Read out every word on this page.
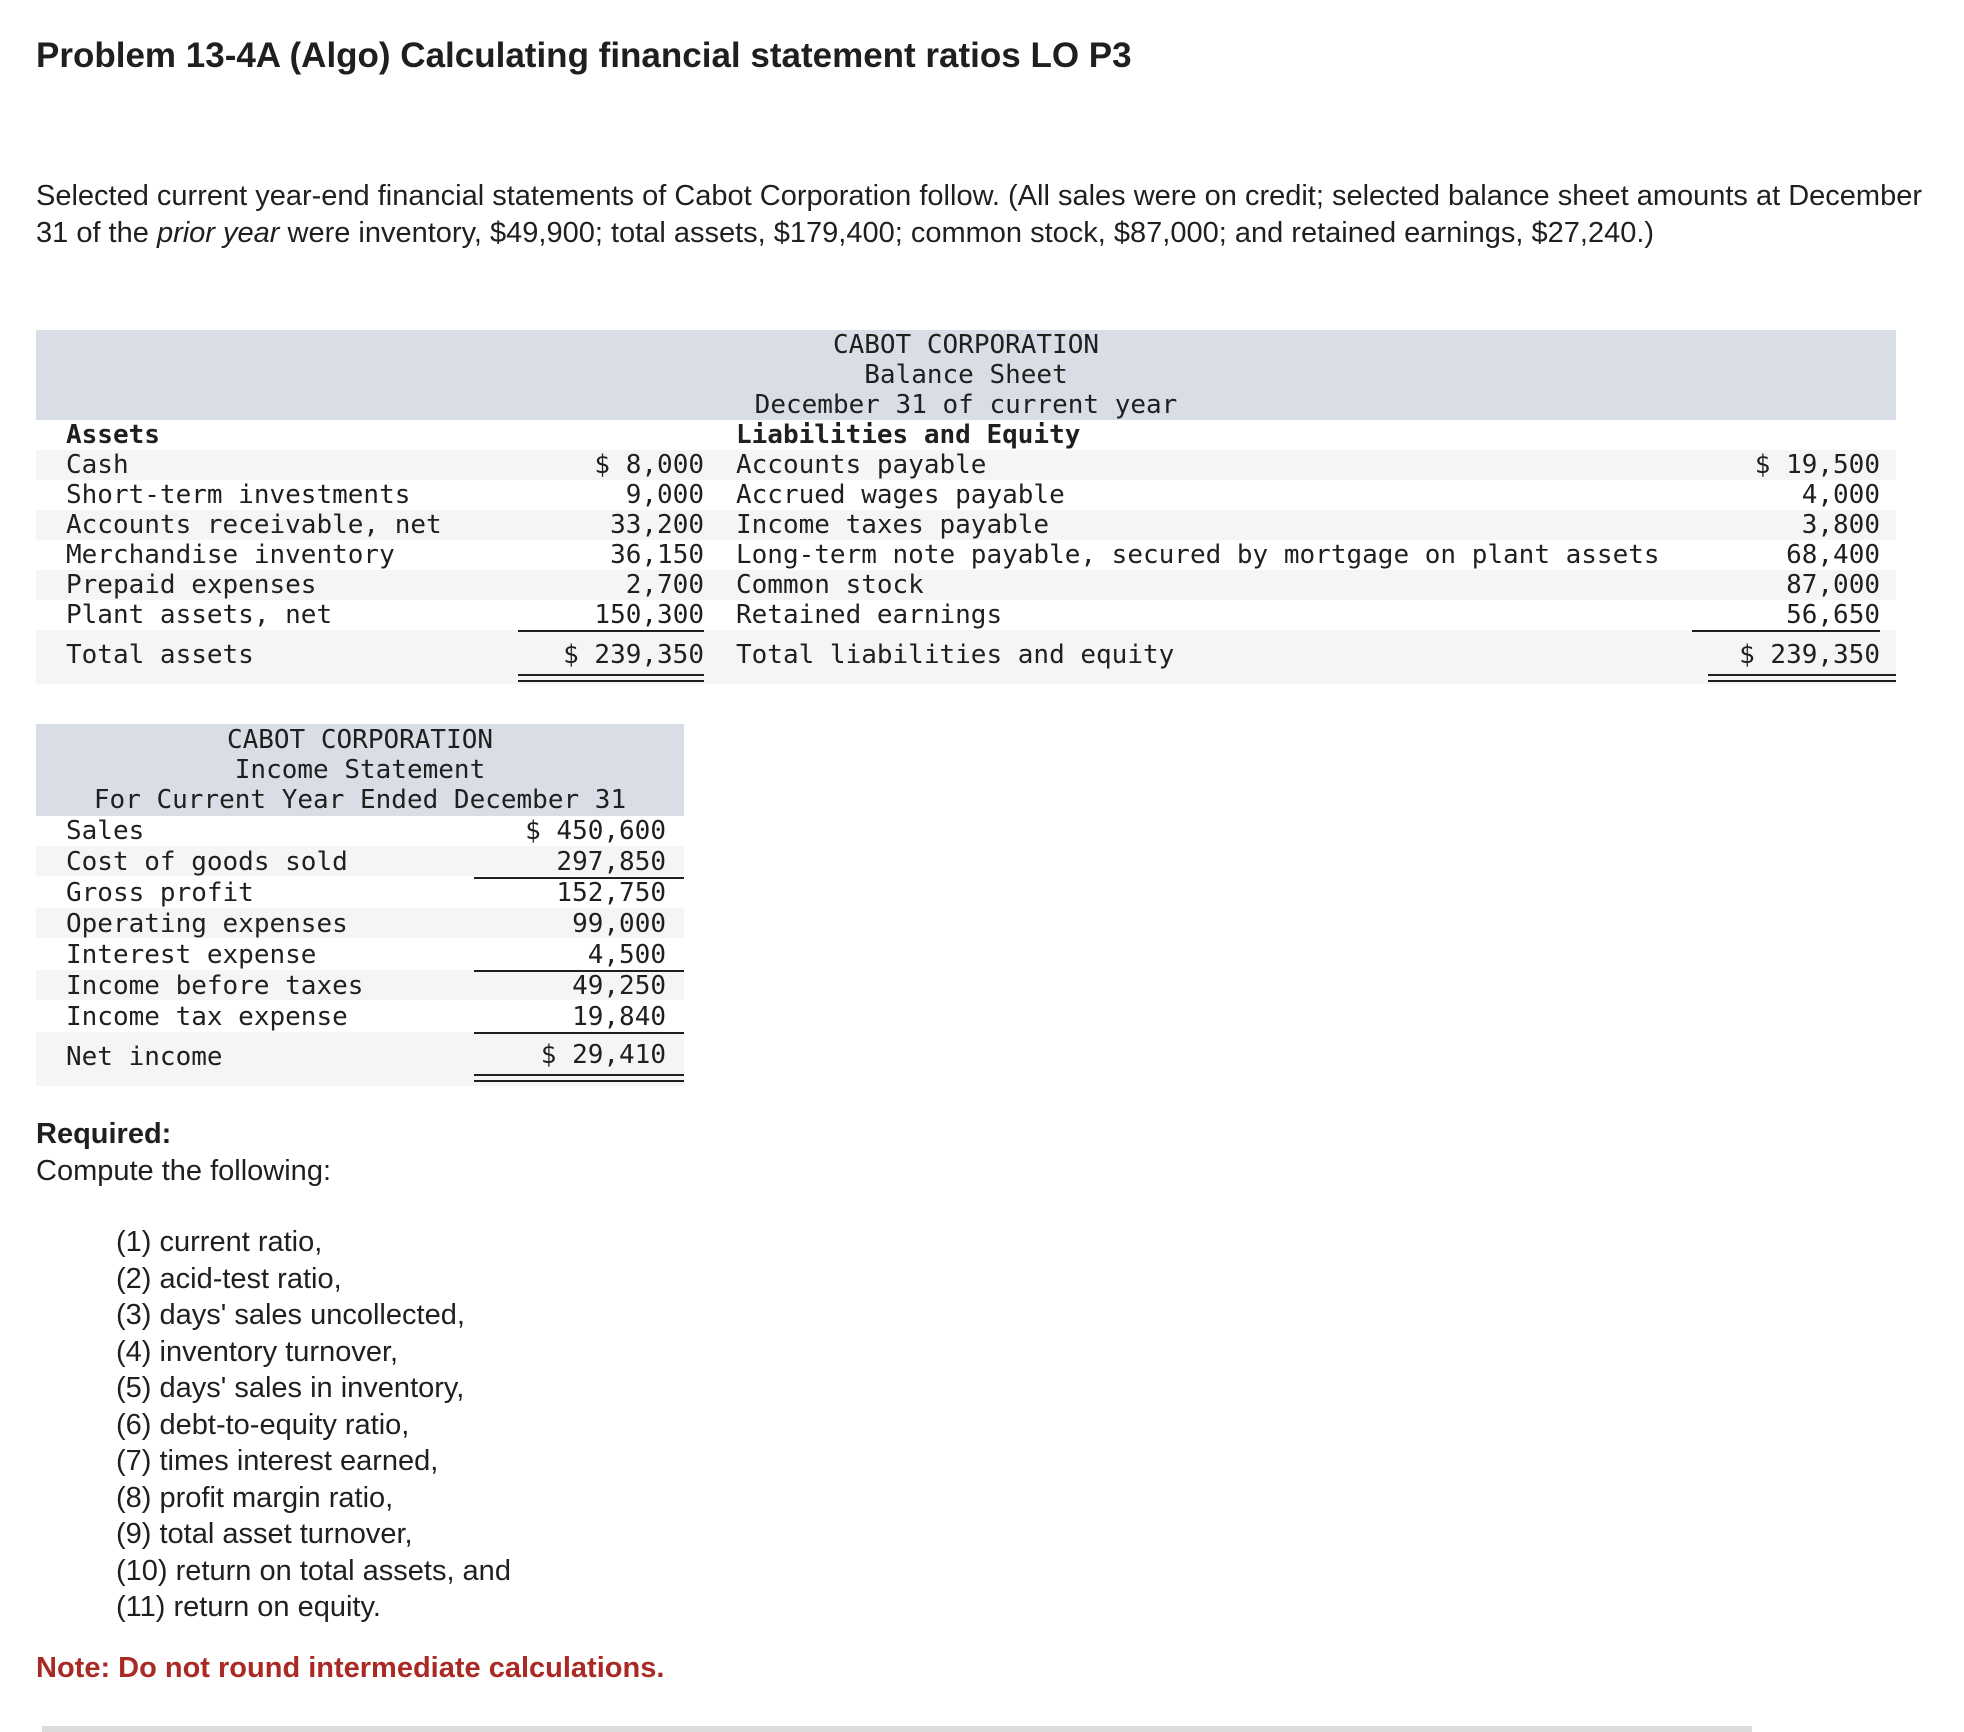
Problem 13-4A (Algo) Calculating financial statement ratios LO P3
Selected current year-end financial statements of Cabot Corporation follow. (All sales were on credit; selected balance sheet amounts at December 31 of the prior year were inventory, $49,900; total assets, $179,400; common stock, $87,000; and retained earnings, $27,240.)
CABOT CORPORATION
Balance Sheet
December 31 of current year
Assets	Liabilities and Equity
Cash	$ 8,000 Accounts payable	$ 19,500
Short-term investments	9,000 Accrued wages payable	4,000
Accounts receivable, net	33,200 Income taxes payable	3,800
Merchandise inventory	36,150 Long-term note payable, secured by mortgage on plant assets	68,400
Prepaid expenses	2,700 Common stock	87,000
Plant assets, net	150,300 Retained earnings	56,650
Total assets	$ 239,350 Total liabilities and equity	$ 239,350
CABOT CORPORATION
Income Statement
For Current Year Ended December 31
Sales	$ 450,600
Cost of goods sold	297,850
Gross profit	152,750
Operating expenses	99,000
Interest expense	4,500
Income before taxes	49,250
Income tax expense	19,840
Net income	$ 29,410
Required:
Compute the following:
(1) current ratio,
(2) acid-test ratio,
(3) days' sales uncollected,
(4) inventory turnover,
(5) days' sales in inventory,
(6) debt-to-equity ratio,
(7) times interest earned,
(8) profit margin ratio,
(9) total asset turnover,
(10) return on total assets, and
(11) return on equity.
Note: Do not round intermediate calculations.
